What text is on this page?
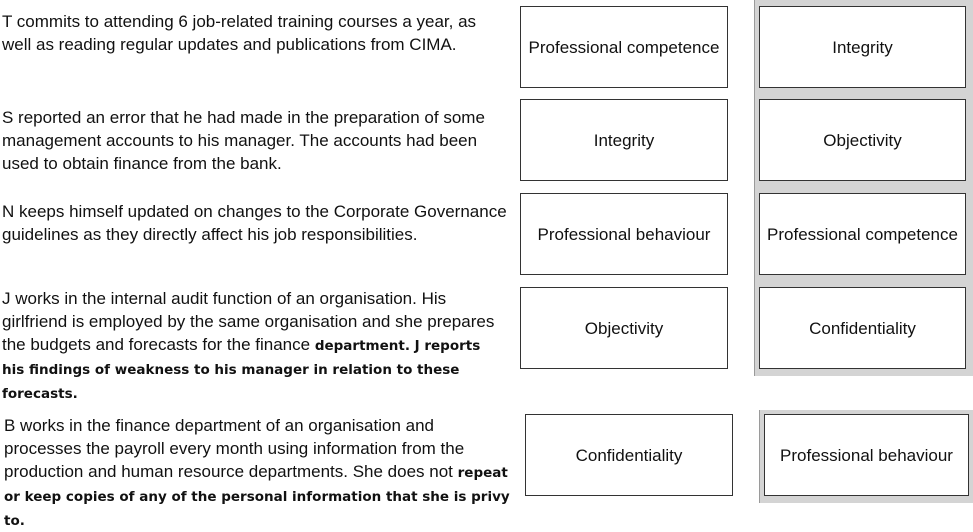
T commits to attending 6 job-related training courses a year, as well as reading regular updates and publications from CIMA.

S reported an error that he had made in the preparation of some management accounts to his manager. The accounts had been used to obtain finance from the bank.

N keeps himself updated on changes to the Corporate Governance guidelines as they directly affect his job responsibilities.

J works in the internal audit function of an organisation. His girlfriend is employed by the same organisation and she prepares the budgets and forecasts for the finance department. J reports his findings of weakness to his manager in relation to these forecasts.

B works in the finance department of an organisation and processes the payroll every month using information from the production and human resource departments. She does not repeat or keep copies of any of the personal information that she is privy to.

Professional competence
Integrity
Professional behaviour
Objectivity
Confidentiality
Integrity
Objectivity
Professional competence
Confidentiality
Professional behaviour
